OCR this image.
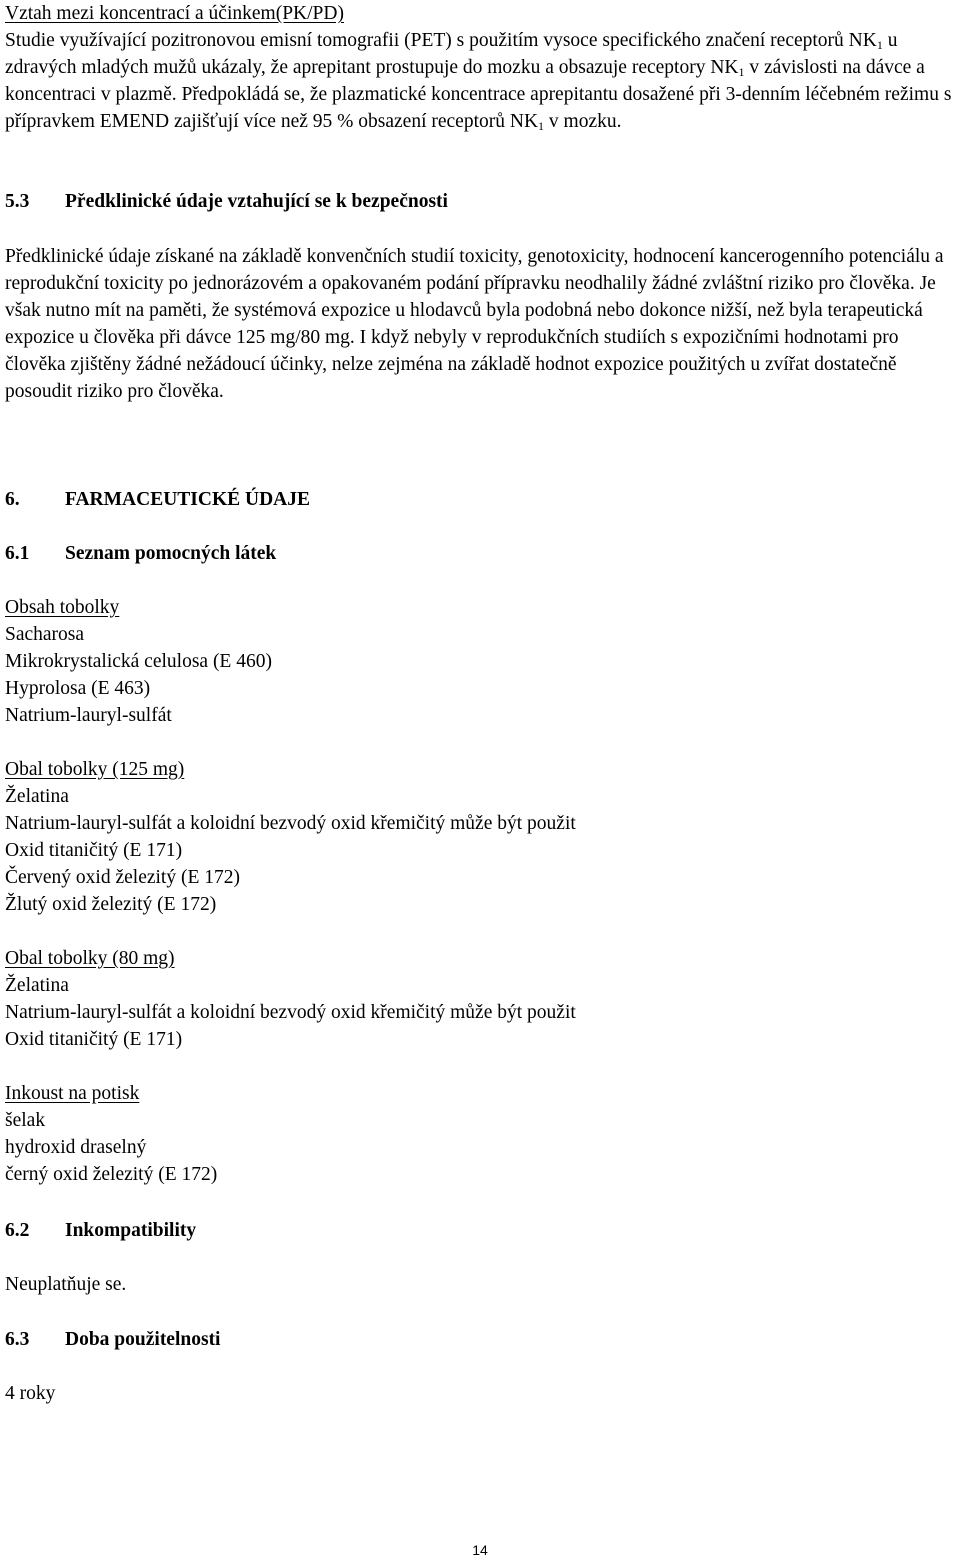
Vztah mezi koncentrací a účinkem(PK/PD)

Studie využívající pozitronovou emisní tomografii (PET) s použitím vysoce specifického značení receptorů $NK_1$ u zdravých mladých mužů ukázaly, že aprepitant prostupuje do mozku a obsazuje receptory $NK_1$ v závislosti na dávce a koncentraci v plazmě. Předpokládá se, že plazmatické koncentrace aprepitantu dosažené při 3-denním léčebném režimu s přípravkem EMEND zajišťují více než 95 % obsazení receptorů $NK_1$ v mozku.

5.3 Předklinické údaje vztahující se k bezpečnosti

Předklinické údaje získané na základě konvenčních studií toxicity, genotoxicity, hodnocení kancerogenního potenciálu a reprodukční toxicity po jednorázovém a opakovaném podání přípravku neodhalily žádné zvláštní riziko pro člověka. Je však nutno mít na paměti, že systémová expozice u hlodavců byla podobná nebo dokonce nižší, než byla terapeutická expozice u člověka při dávce 125 mg/80 mg. I když nebyly v reprodukčních studiích s expozičními hodnotami pro člověka zjištěny žádné nežádoucí účinky, nelze zejména na základě hodnot expozice použitých u zvířat dostatečně posoudit riziko pro člověka.

6. FARMACEUTICKÉ ÚDAJE
6.1 Seznam pomocných látek

Obsah tobolky

Sacharosa

Mikrokrystalická celulosa (E 460)

Hyprolosa (E 463)

Natrium-lauryl-sulfát

Obal tobolky (125 mg)

Želatina

Natrium-lauryl-sulfát a koloidní bezvodý oxid křemičitý může být použit

Oxid titaničitý (E 171)

Červený oxid železitý (E 172)

Žlutý oxid železitý (E 172)

Obal tobolky (80 mg)

Želatina

Natrium-lauryl-sulfát a koloidní bezvodý oxid křemičitý může být použit

Oxid titaničitý (E 171)

Inkoust na potisk

šelak

hydroxid draselný

černý oxid železitý (E 172)

6.2 Inkompatibility

Neuplatňuje se.

6.3 Doba použitelnosti

4 roky

14
